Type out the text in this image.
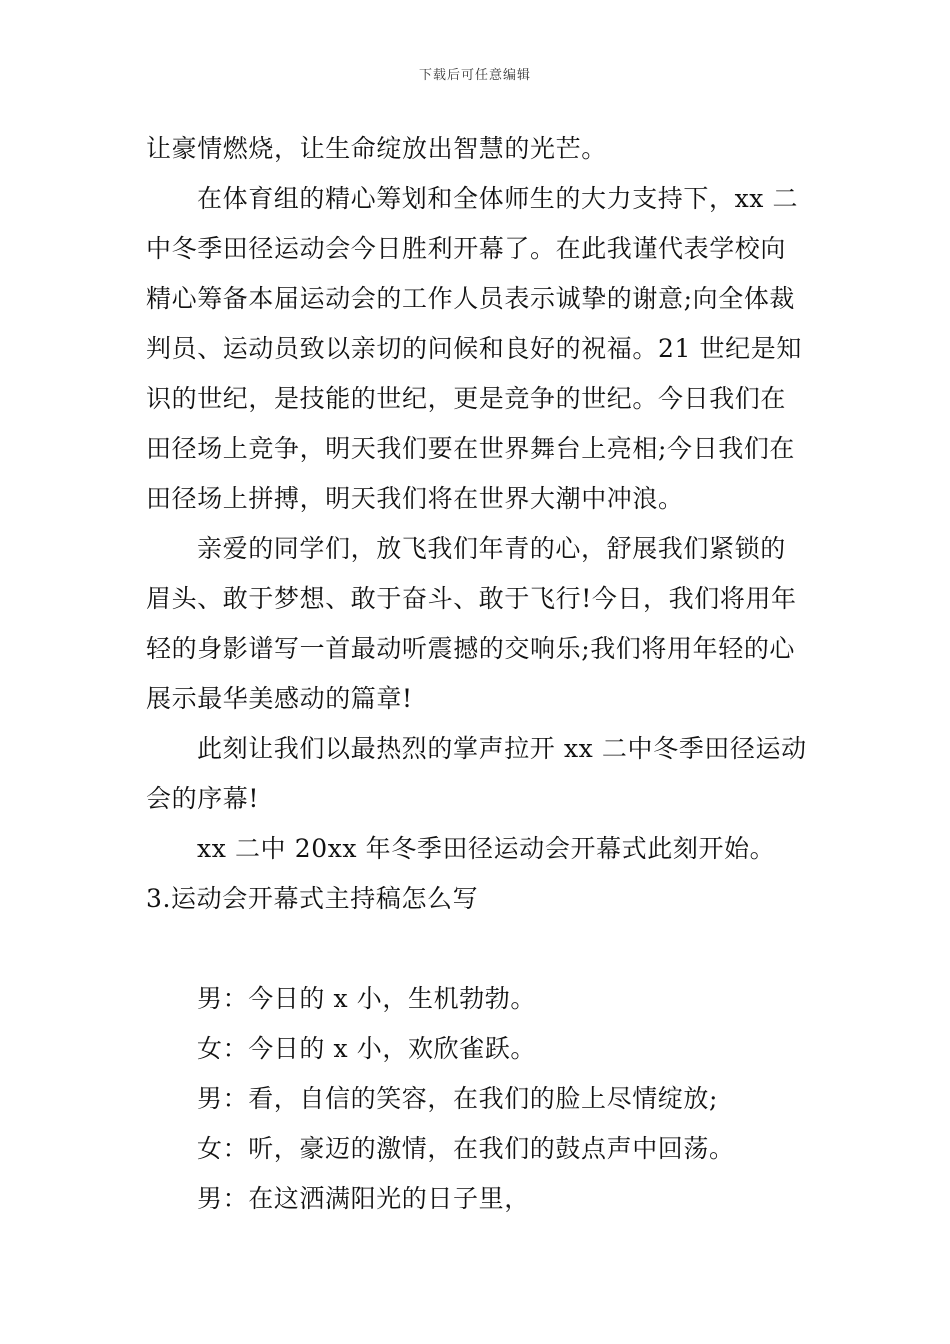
下载后可任意编辑
让豪情燃烧，让生命绽放出智慧的光芒。
在体育组的精心筹划和全体师生的大力支持下，xx 二
中冬季田径运动会今日胜利开幕了。在此我谨代表学校向
精心筹备本届运动会的工作人员表示诚挚的谢意;向全体裁
判员、运动员致以亲切的问候和良好的祝福。21 世纪是知
识的世纪，是技能的世纪，更是竞争的世纪。今日我们在
田径场上竞争，明天我们要在世界舞台上亮相;今日我们在
田径场上拼搏，明天我们将在世界大潮中冲浪。
亲爱的同学们，放飞我们年青的心，舒展我们紧锁的
眉头、敢于梦想、敢于奋斗、敢于飞行!今日，我们将用年
轻的身影谱写一首最动听震撼的交响乐;我们将用年轻的心
展示最华美感动的篇章!
此刻让我们以最热烈的掌声拉开 xx 二中冬季田径运动
会的序幕!
xx 二中 20xx 年冬季田径运动会开幕式此刻开始。
3.运动会开幕式主持稿怎么写
男：今日的 x 小，生机勃勃。
女：今日的 x 小，欢欣雀跃。
男：看，自信的笑容，在我们的脸上尽情绽放;
女：听，豪迈的激情，在我们的鼓点声中回荡。
男：在这洒满阳光的日子里，
